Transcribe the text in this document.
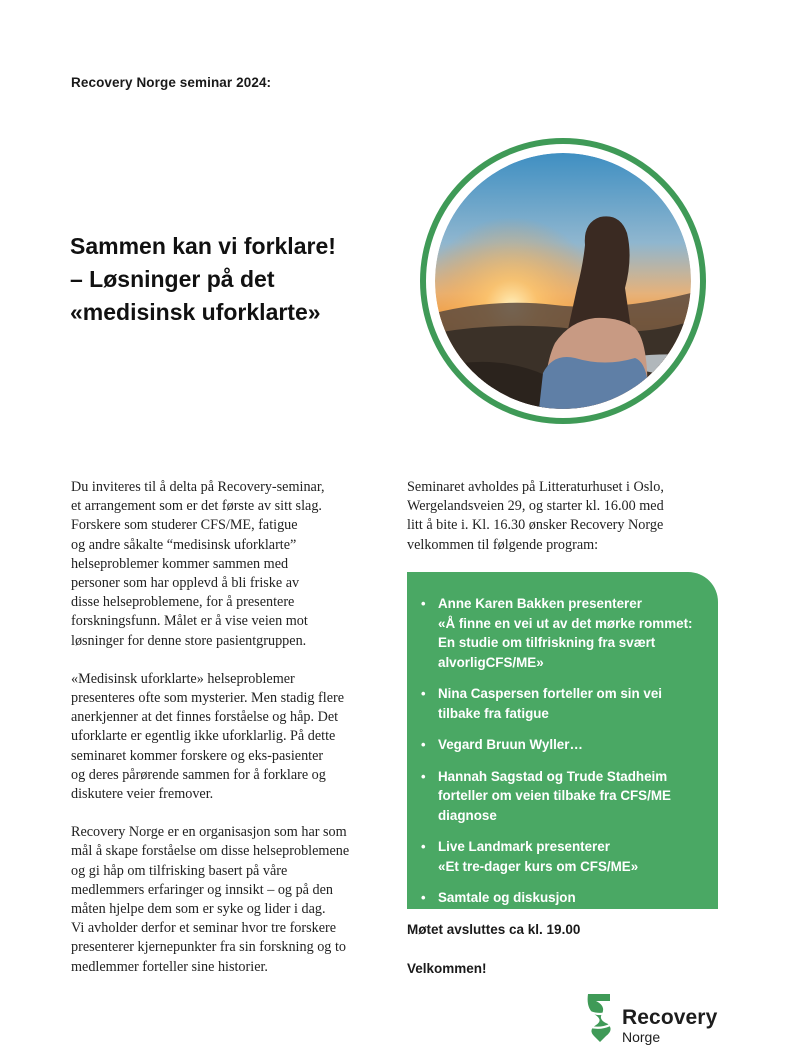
Recovery Norge seminar 2024:
Sammen kan vi forklare!
– Løsninger på det
«medisinsk uforklarte»

Du inviteres til å delta på Recovery-seminar,
et arrangement som er det første av sitt slag.
Forskere som studerer CFS/ME, fatigue
og andre såkalte “medisinsk uforklarte”
helseproblemer kommer sammen med
personer som har opplevd å bli friske av
disse helseproblemene, for å presentere
forskningsfunn. Målet er å vise veien mot
løsninger for denne store pasientgruppen.

«Medisinsk uforklarte» helseproblemer
presenteres ofte som mysterier. Men stadig flere
anerkjenner at det finnes forståelse og håp. Det
uforklarte er egentlig ikke uforklarlig. På dette
seminaret kommer forskere og eks-pasienter
og deres pårørende sammen for å forklare og
diskutere veier fremover.

Recovery Norge er en organisasjon som har som
mål å skape forståelse om disse helseproblemene
og gi håp om tilfrisking basert på våre
medlemmers erfaringer og innsikt – og på den
måten hjelpe dem som er syke og lider i dag.
Vi avholder derfor et seminar hvor tre forskere
presenterer kjernepunkter fra sin forskning og to
medlemmer forteller sine historier.

Seminaret avholdes på Litteraturhuset i Oslo,
Wergelandsveien 29, og starter kl. 16.00 med
litt å bite i. Kl. 16.30 ønsker Recovery Norge
velkommen til følgende program:
• Anne Karen Bakken presenterer
«Å finne en vei ut av det mørke rommet:
En studie om tilfriskning fra svært
alvorligCFS/ME»
• Nina Caspersen forteller om sin vei
tilbake fra fatigue
• Vegard Bruun Wyller…
• Hannah Sagstad og Trude Stadheim
forteller om veien tilbake fra CFS/ME
diagnose
• Live Landmark presenterer
«Et tre-dager kurs om CFS/ME»
• Samtale og diskusjon
Møtet avsluttes ca kl. 19.00
Velkommen!
Recovery
Norge
